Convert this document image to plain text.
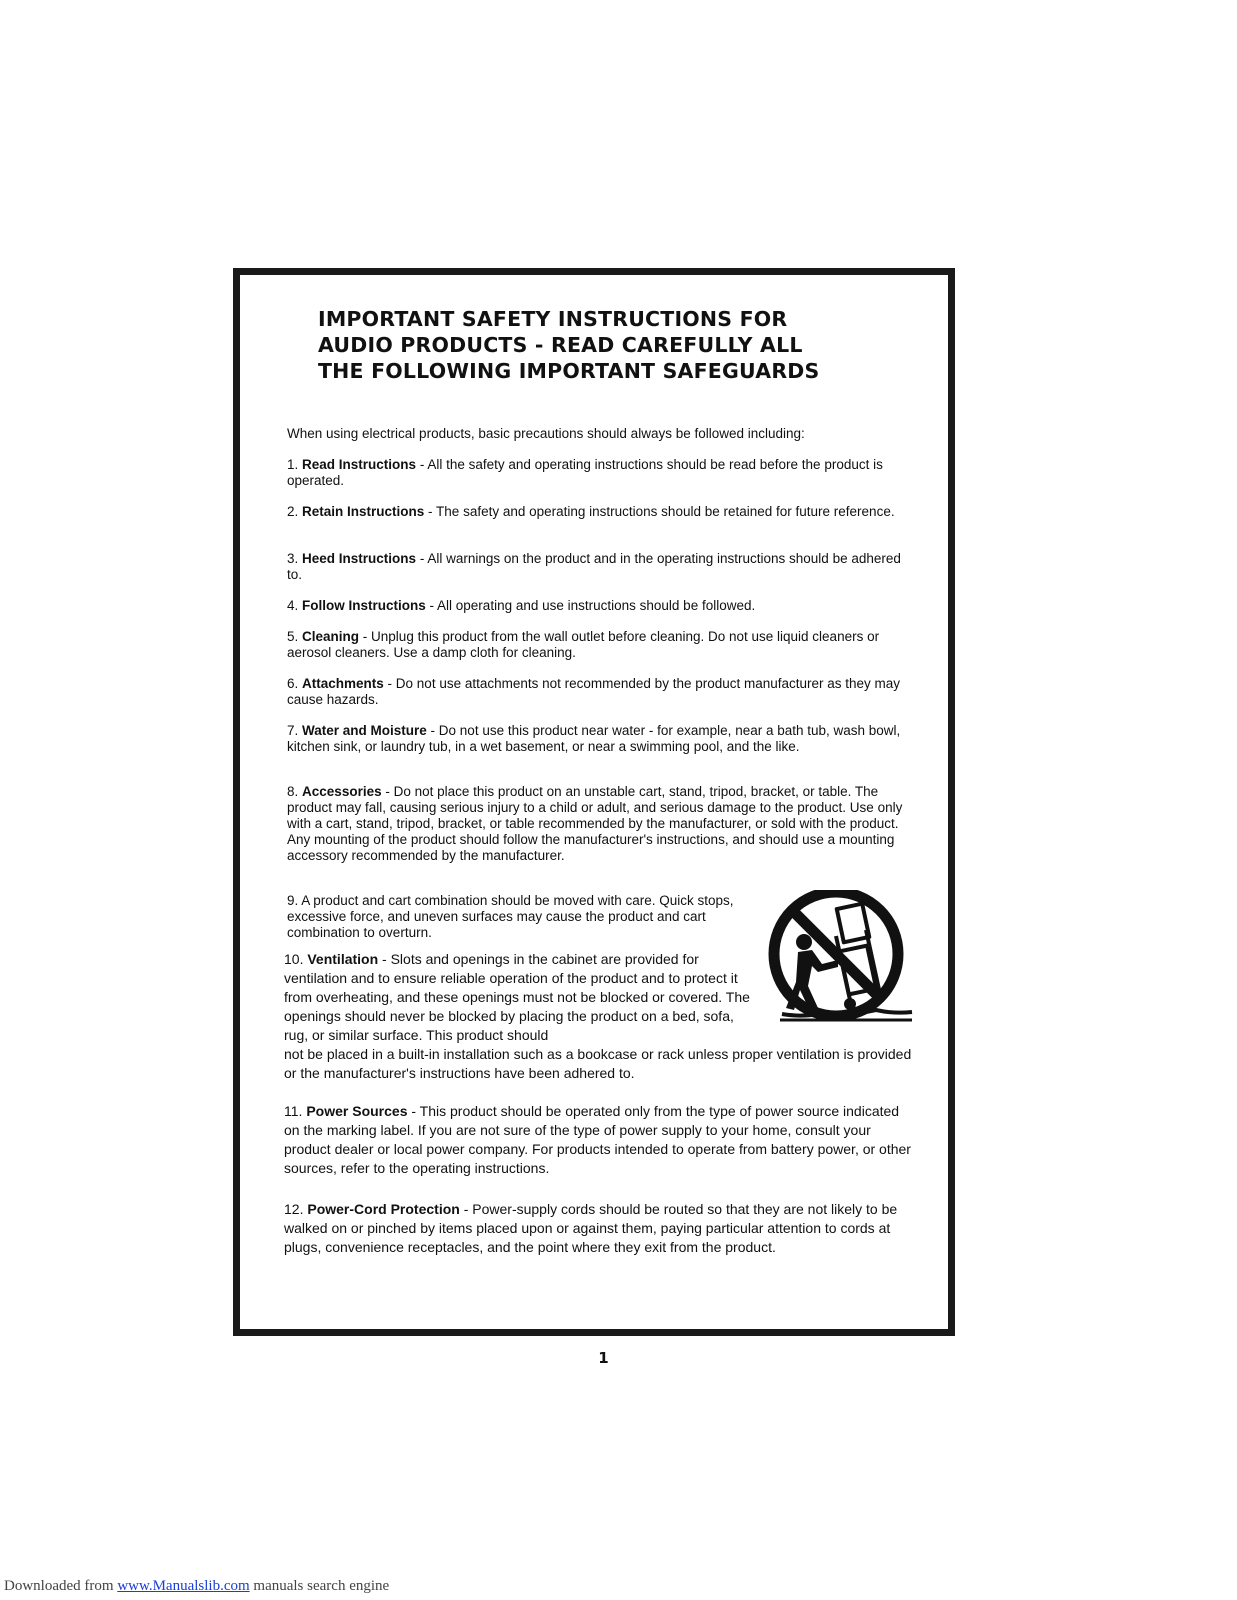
IMPORTANT SAFETY INSTRUCTIONS FOR
AUDIO PRODUCTS - READ CAREFULLY ALL
THE FOLLOWING IMPORTANT SAFEGUARDS
When using electrical products, basic precautions should always be followed including:

1. Read Instructions - All the safety and operating instructions should be read before the product is operated.

2. Retain Instructions - The safety and operating instructions should be retained for future reference.

3. Heed Instructions - All warnings on the product and in the operating instructions should be adhered to.

4. Follow Instructions - All operating and use instructions should be followed.

5. Cleaning - Unplug this product from the wall outlet before cleaning. Do not use liquid cleaners or aerosol cleaners. Use a damp cloth for cleaning.

6. Attachments - Do not use attachments not recommended by the product manufacturer as they may cause hazards.

7. Water and Moisture - Do not use this product near water - for example, near a bath tub, wash bowl, kitchen sink, or laundry tub, in a wet basement, or near a swimming pool, and the like.

8. Accessories - Do not place this product on an unstable cart, stand, tripod, bracket, or table. The product may fall, causing serious injury to a child or adult, and serious damage to the product. Use only with a cart, stand, tripod, bracket, or table recommended by the manufacturer, or sold with the product. Any mounting of the product should follow the manufacturer's instructions, and should use a mounting accessory recommended by the manufacturer.

9. A product and cart combination should be moved with care. Quick stops, excessive force, and uneven surfaces may cause the product and cart combination to overturn.

10. Ventilation - Slots and openings in the cabinet are provided for ventilation and to ensure reliable operation of the product and to protect it from overheating, and these openings must not be blocked or covered. The openings should never be blocked by placing the product on a bed, sofa, rug, or similar surface. This product should
not be placed in a built-in installation such as a bookcase or rack unless proper ventilation is provided or the manufacturer's instructions have been adhered to.

11. Power Sources - This product should be operated only from the type of power source indicated on the marking label. If you are not sure of the type of power supply to your home, consult your product dealer or local power company. For products intended to operate from battery power, or other sources, refer to the operating instructions.

12. Power-Cord Protection - Power-supply cords should be routed so that they are not likely to be walked on or pinched by items placed upon or against them, paying particular attention to cords at plugs, convenience receptacles, and the point where they exit from the product.

1
Downloaded from www.Manualslib.com manuals search engine
